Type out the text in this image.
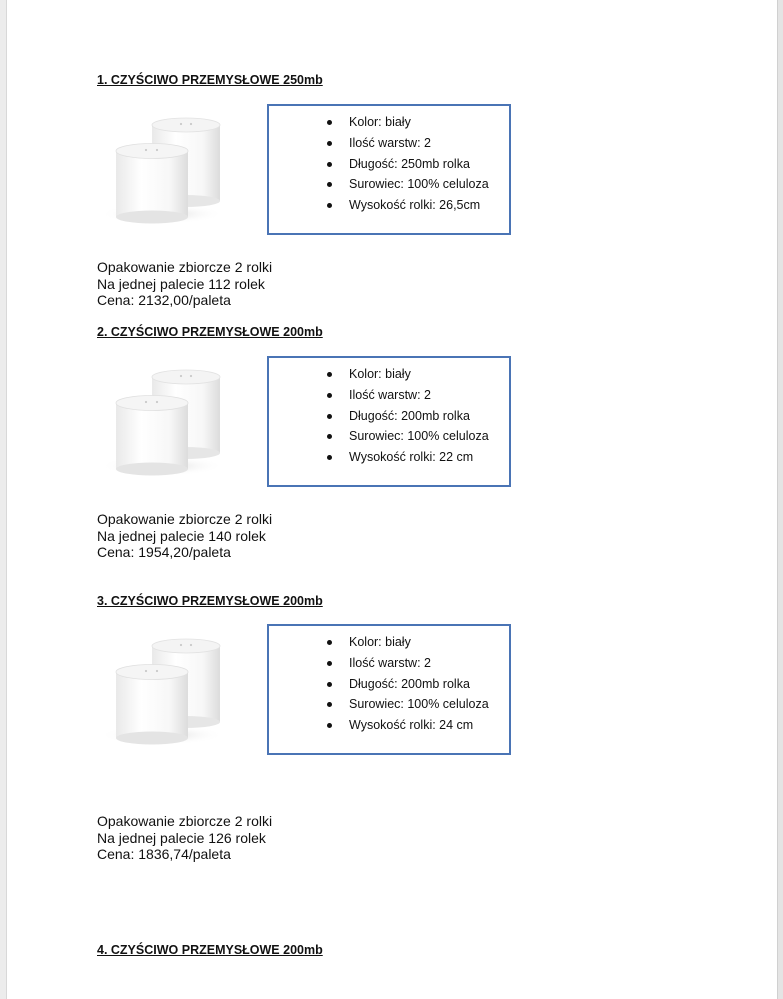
1. CZYŚCIWO PRZEMYSŁOWE 250mb
Kolor: biały
Ilość warstw: 2
Długość: 250mb rolka
Surowiec: 100% celuloza
Wysokość rolki: 26,5cm
Opakowanie zbiorcze 2 rolki
Na jednej palecie 112 rolek
Cena: 2132,00/paleta
2. CZYŚCIWO PRZEMYSŁOWE 200mb
Kolor: biały
Ilość warstw: 2
Długość: 200mb rolka
Surowiec: 100% celuloza
Wysokość rolki: 22 cm
Opakowanie zbiorcze 2 rolki
Na jednej palecie 140 rolek
Cena: 1954,20/paleta
3. CZYŚCIWO PRZEMYSŁOWE 200mb
Kolor: biały
Ilość warstw: 2
Długość: 200mb rolka
Surowiec: 100% celuloza
Wysokość rolki: 24 cm
Opakowanie zbiorcze 2 rolki
Na jednej palecie 126 rolek
Cena: 1836,74/paleta
4. CZYŚCIWO PRZEMYSŁOWE 200mb
